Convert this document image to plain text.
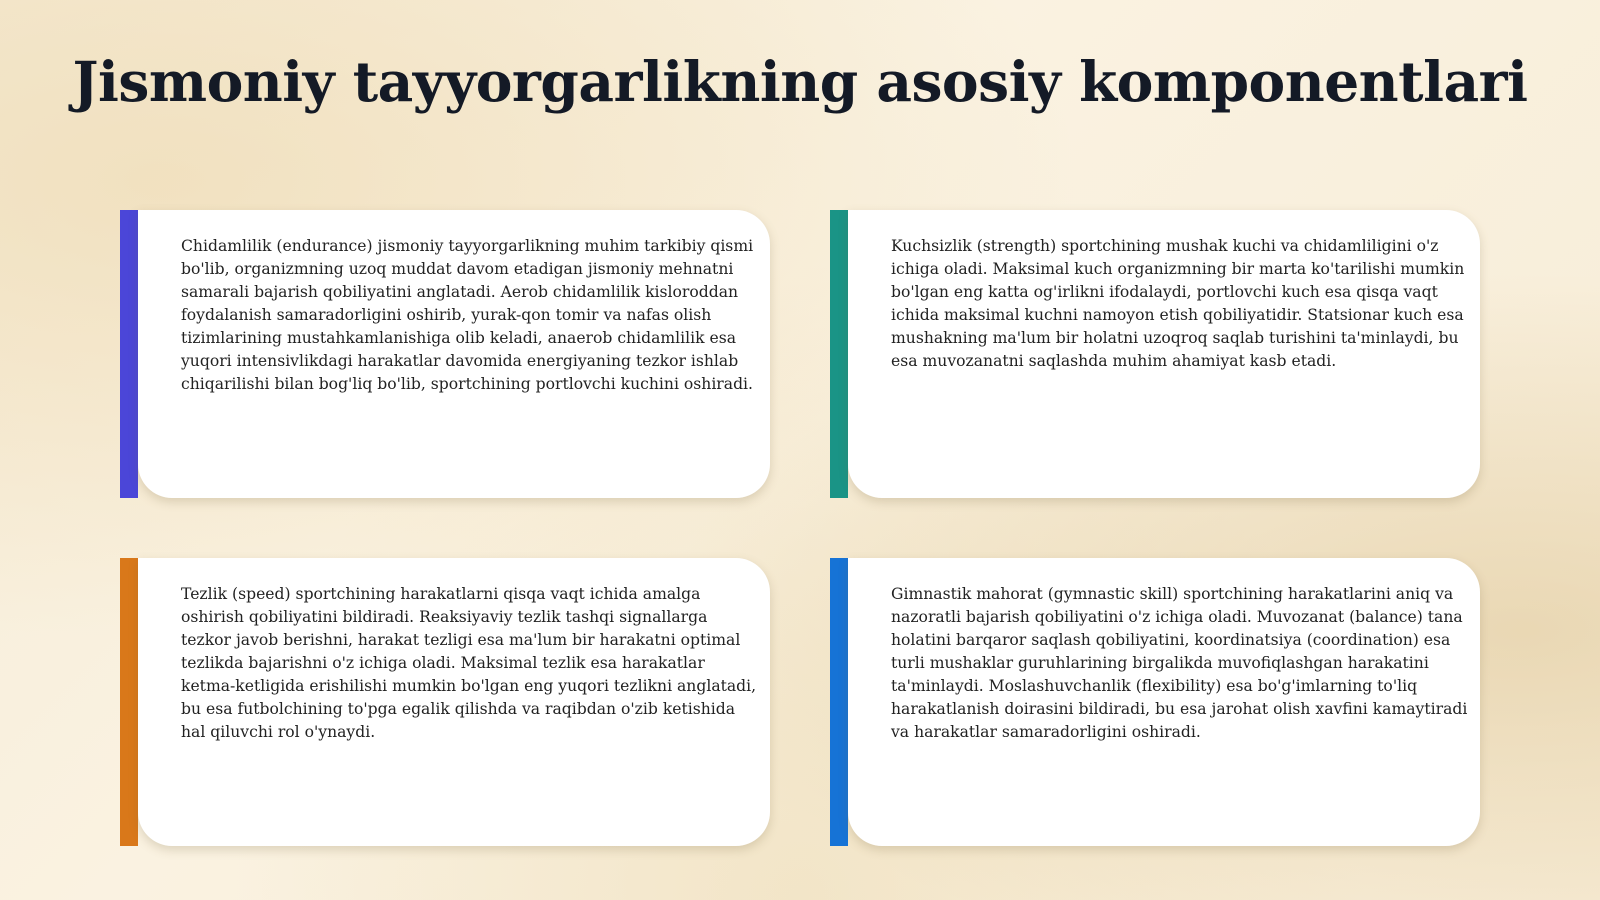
Jismoniy tayyorgarlikning asosiy komponentlari

Chidamlilik (endurance) jismoniy tayyorgarlikning muhim tarkibiy qismi bo'lib, organizmning uzoq muddat davom etadigan jismoniy mehnatni samarali bajarish qobiliyatini anglatadi. Aerob chidamlilik kisloroddan foydalanish samaradorligini oshirib, yurak-qon tomir va nafas olish tizimlarining mustahkamlanishiga olib keladi, anaerob chidamlilik esa yuqori intensivlikdagi harakatlar davomida energiyaning tezkor ishlab chiqarilishi bilan bog'liq bo'lib, sportchining portlovchi kuchini oshiradi.

Kuchsizlik (strength) sportchining mushak kuchi va chidamliligini o'z ichiga oladi. Maksimal kuch organizmning bir marta ko'tarilishi mumkin bo'lgan eng katta og'irlikni ifodalaydi, portlovchi kuch esa qisqa vaqt ichida maksimal kuchni namoyon etish qobiliyatidir. Statsionar kuch esa mushakning ma'lum bir holatni uzoqroq saqlab turishini ta'minlaydi, bu esa muvozanatni saqlashda muhim ahamiyat kasb etadi.

Tezlik (speed) sportchining harakatlarni qisqa vaqt ichida amalga oshirish qobiliyatini bildiradi. Reaksiyaviy tezlik tashqi signallarga tezkor javob berishni, harakat tezligi esa ma'lum bir harakatni optimal tezlikda bajarishni o'z ichiga oladi. Maksimal tezlik esa harakatlar ketma-ketligida erishilishi mumkin bo'lgan eng yuqori tezlikni anglatadi, bu esa futbolchining to'pga egalik qilishda va raqibdan o'zib ketishida hal qiluvchi rol o'ynaydi.

Gimnastik mahorat (gymnastic skill) sportchining harakatlarini aniq va nazoratli bajarish qobiliyatini o'z ichiga oladi. Muvozanat (balance) tana holatini barqaror saqlash qobiliyatini, koordinatsiya (coordination) esa turli mushaklar guruhlarining birgalikda muvofiqlashgan harakatini ta'minlaydi. Moslashuvchanlik (flexibility) esa bo'g'imlarning to'liq harakatlanish doirasini bildiradi, bu esa jarohat olish xavfini kamaytiradi va harakatlar samaradorligini oshiradi.
